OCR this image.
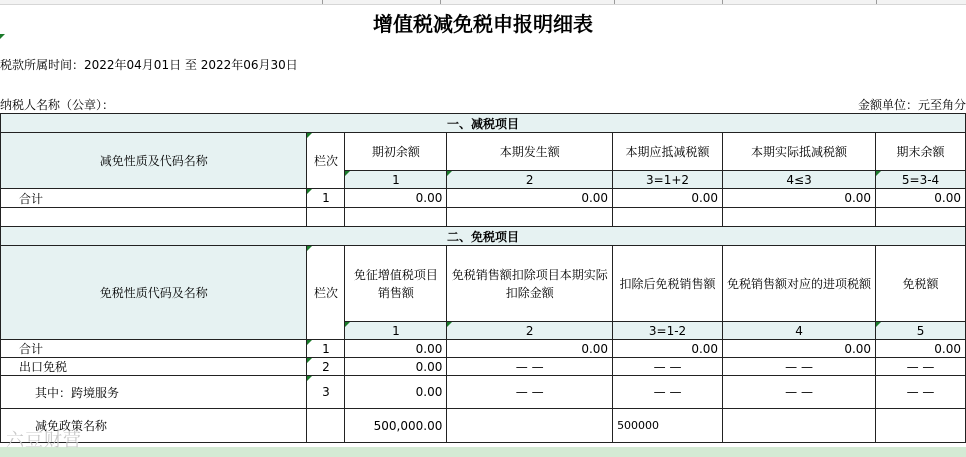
增值税减免税申报明细表
税款所属时间：2022年04月01日 至 2022年06月30日
纳税人名称（公章）：	金额单位：元至角分
一、减税项目						
减免性质及代码名称	栏次	期初余额	本期发生额	本期应抵减税额	本期实际抵减税额	期末余额
		1	2	3=1+2	4≤3	5=3-4
合计	1	0.00	0.00	0.00	0.00	0.00

二、免税项目						
免税性质代码及名称	栏次	免征增值税项目销售额	免税销售额扣除项目本期实际扣除金额	扣除后免税销售额	免税销售额对应的进项税额	免税额
		1	2	3=1-2	4	5
合计	1	0.00	0.00	0.00	0.00	0.00
出口免税	2	0.00	— —	— —	— —	— —
其中：跨境服务	3	0.00	— —	— —	— —	— —
减免政策名称		500,000.00		500000		
六豆财营
